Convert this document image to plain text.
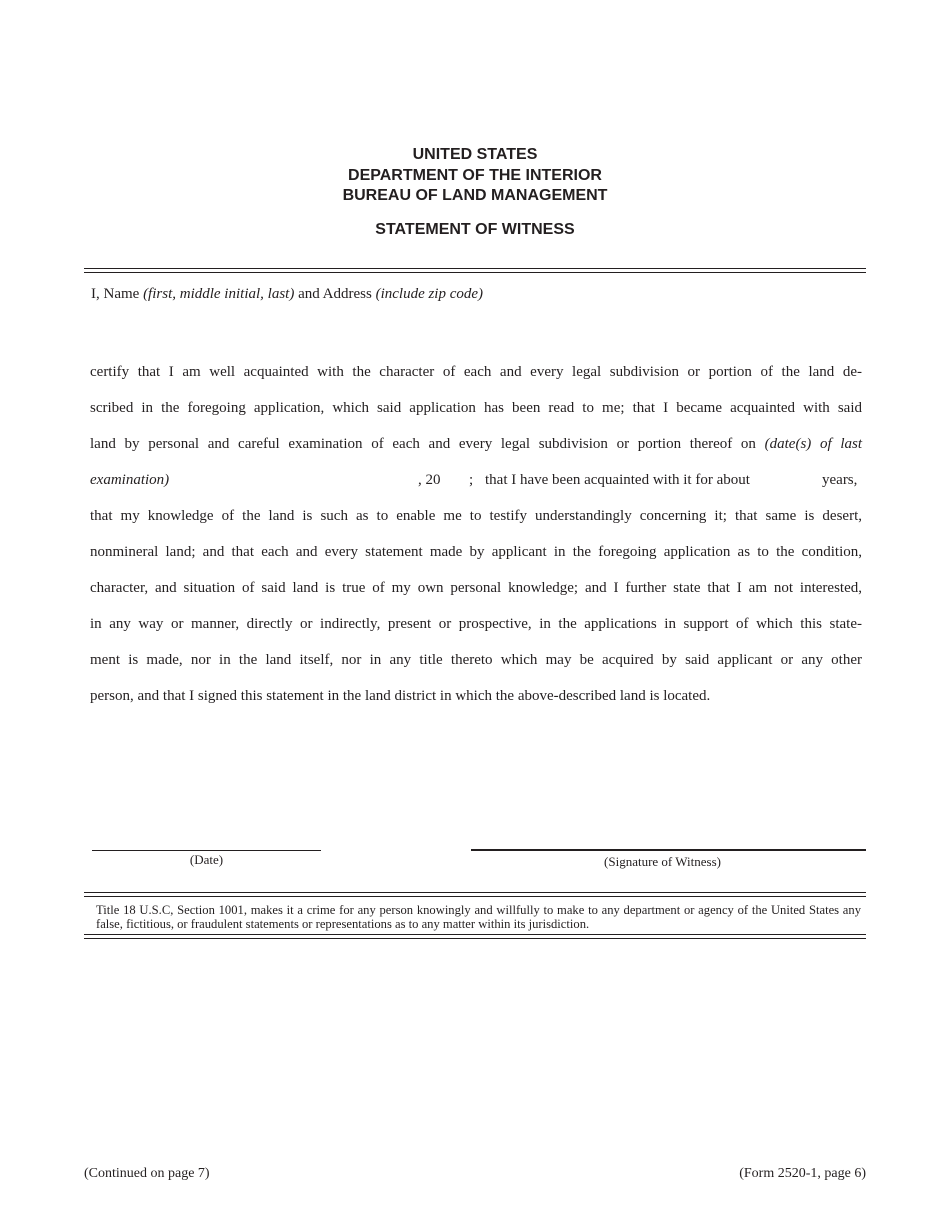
UNITED STATES
DEPARTMENT OF THE INTERIOR
BUREAU OF LAND MANAGEMENT
STATEMENT OF WITNESS
I, Name (first, middle initial, last) and Address (include zip code)
certify that I am well acquainted with the character of each and every legal subdivision or portion of the land de-
scribed in the foregoing application, which said application has been read to me; that I became acquainted with said
land by personal and careful examination of each and every legal subdivision or portion thereof on (date(s) of last
examination)	, 20 ; that I have been acquainted with it for about	years,
that my knowledge of the land is such as to enable me to testify understandingly concerning it; that same is desert,
nonmineral land; and that each and every statement made by applicant in the foregoing application as to the condition,
character, and situation of said land is true of my own personal knowledge; and I further state that I am not interested,
in any way or manner, directly or indirectly, present or prospective, in the applications in support of which this state-
ment is made, nor in the land itself, nor in any title thereto which may be acquired by said applicant or any other
person, and that I signed this statement in the land district in which the above-described land is located.
(Date)	(Signature of Witness)
Title 18 U.S.C, Section 1001, makes it a crime for any person knowingly and willfully to make to any department or agency of the United States any false, fictitious, or fraudulent statements or representations as to any matter within its jurisdiction.
(Continued on page 7)	(Form 2520-1, page 6)
